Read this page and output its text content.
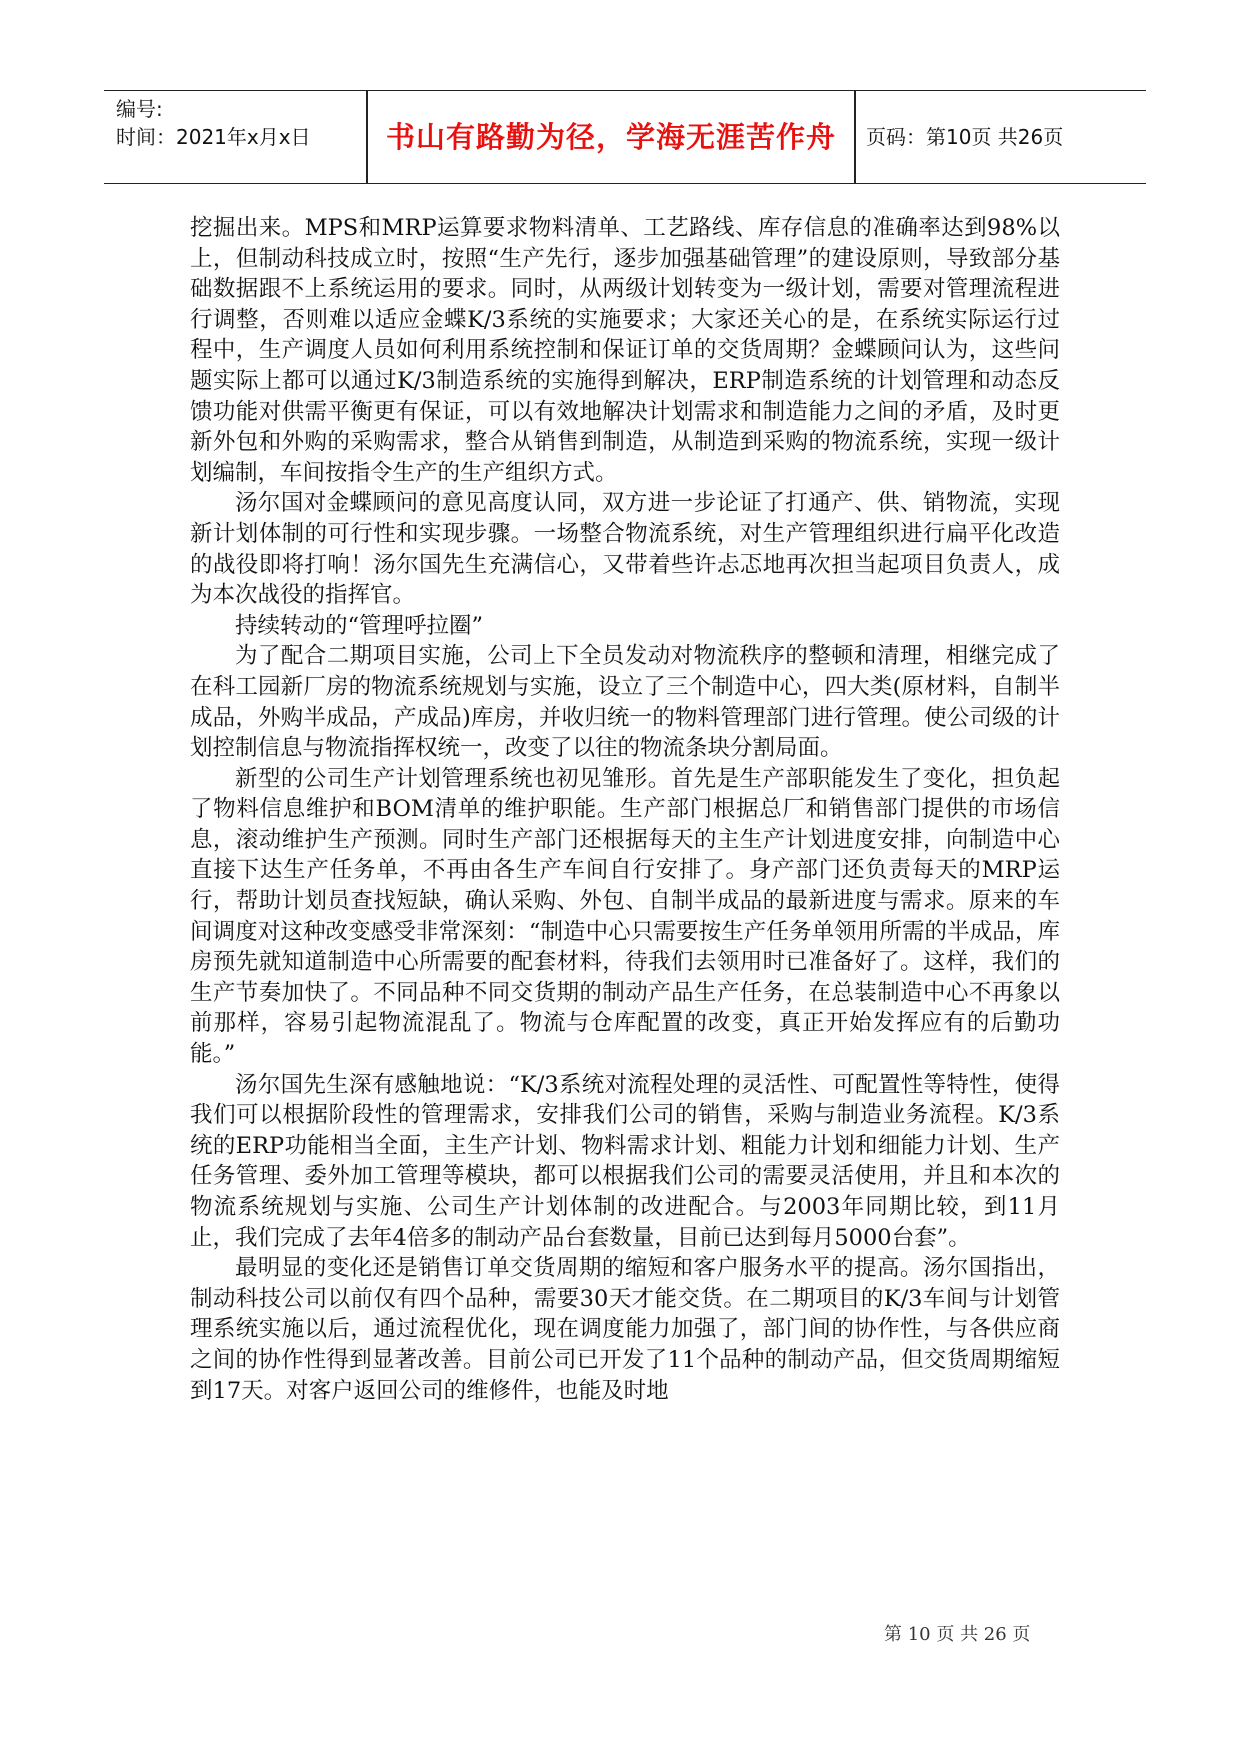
编号:
时间：2021年x月x日	书山有路勤为径，学海无涯苦作舟	页码：第10页 共26页

挖掘出来。MPS和MRP运算要求物料清单、工艺路线、库存信息的准确率达到98%以上，但制动科技成立时，按照“生产先行，逐步加强基础管理”的建设原则，导致部分基础数据跟不上系统运用的要求。同时，从两级计划转变为一级计划，需要对管理流程进行调整，否则难以适应金蝶K/3系统的实施要求；大家还关心的是，在系统实际运行过程中，生产调度人员如何利用系统控制和保证订单的交货周期？金蝶顾问认为，这些问题实际上都可以通过K/3制造系统的实施得到解决，ERP制造系统的计划管理和动态反馈功能对供需平衡更有保证，可以有效地解决计划需求和制造能力之间的矛盾，及时更新外包和外购的采购需求，整合从销售到制造，从制造到采购的物流系统，实现一级计划编制，车间按指令生产的生产组织方式。

汤尔国对金蝶顾问的意见高度认同，双方进一步论证了打通产、供、销物流，实现新计划体制的可行性和实现步骤。一场整合物流系统，对生产管理组织进行扁平化改造的战役即将打响！汤尔国先生充满信心，又带着些许忐忑地再次担当起项目负责人，成为本次战役的指挥官。

持续转动的“管理呼拉圈”

为了配合二期项目实施，公司上下全员发动对物流秩序的整顿和清理，相继完成了在科工园新厂房的物流系统规划与实施，设立了三个制造中心，四大类(原材料，自制半成品，外购半成品，产成品)库房，并收归统一的物料管理部门进行管理。使公司级的计划控制信息与物流指挥权统一，改变了以往的物流条块分割局面。

新型的公司生产计划管理系统也初见雏形。首先是生产部职能发生了变化，担负起了物料信息维护和BOM清单的维护职能。生产部门根据总厂和销售部门提供的市场信息，滚动维护生产预测。同时生产部门还根据每天的主生产计划进度安排，向制造中心直接下达生产任务单，不再由各生产车间自行安排了。身产部门还负责每天的MRP运行，帮助计划员查找短缺，确认采购、外包、自制半成品的最新进度与需求。原来的车间调度对这种改变感受非常深刻：“制造中心只需要按生产任务单领用所需的半成品，库房预先就知道制造中心所需要的配套材料，待我们去领用时已准备好了。这样，我们的生产节奏加快了。不同品种不同交货期的制动产品生产任务，在总装制造中心不再象以前那样，容易引起物流混乱了。物流与仓库配置的改变，真正开始发挥应有的后勤功能。”

汤尔国先生深有感触地说：“K/3系统对流程处理的灵活性、可配置性等特性，使得我们可以根据阶段性的管理需求，安排我们公司的销售，采购与制造业务流程。K/3系统的ERP功能相当全面，主生产计划、物料需求计划、粗能力计划和细能力计划、生产任务管理、委外加工管理等模块，都可以根据我们公司的需要灵活使用，并且和本次的物流系统规划与实施、公司生产计划体制的改进配合。与2003年同期比较，到11月止，我们完成了去年4倍多的制动产品台套数量，目前已达到每月5000台套”。

最明显的变化还是销售订单交货周期的缩短和客户服务水平的提高。汤尔国指出，制动科技公司以前仅有四个品种，需要30天才能交货。在二期项目的K/3车间与计划管理系统实施以后，通过流程优化，现在调度能力加强了，部门间的协作性，与各供应商之间的协作性得到显著改善。目前公司已开发了11个品种的制动产品，但交货周期缩短到17天。对客户返回公司的维修件，也能及时地

第 10 页 共 26 页
